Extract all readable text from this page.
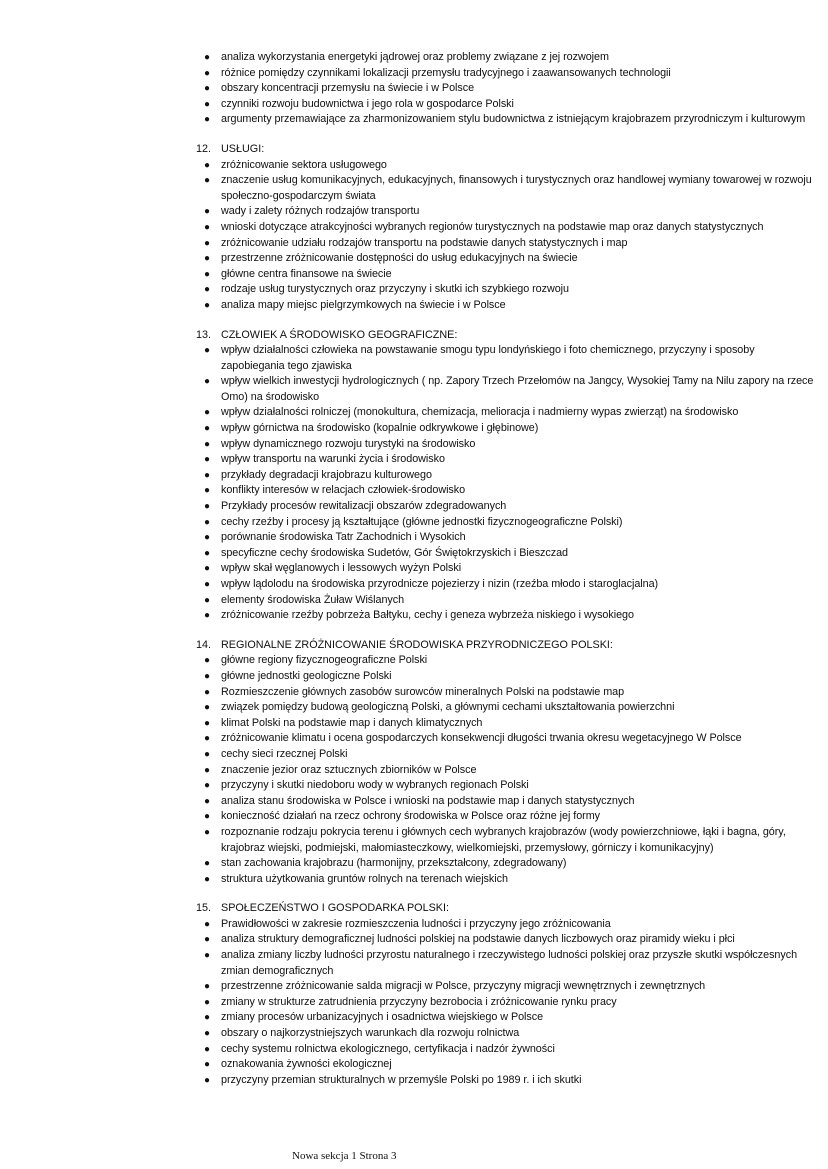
● analiza wykorzystania energetyki jądrowej oraz problemy związane z jej rozwojem
● różnice pomiędzy czynnikami lokalizacji przemysłu tradycyjnego i zaawansowanych technologii
● obszary koncentracji przemysłu na świecie i w Polsce
● czynniki rozwoju budownictwa i jego rola w gospodarce Polski
● argumenty przemawiające za zharmonizowaniem stylu budownictwa z istniejącym krajobrazem przyrodniczym i kulturowym
12. USŁUGI:
● zróżnicowanie sektora usługowego
● znaczenie usług komunikacyjnych, edukacyjnych, finansowych i turystycznych oraz handlowej wymiany towarowej w rozwoju społeczno-gospodarczym świata
● wady i zalety różnych rodzajów transportu
● wnioski dotyczące atrakcyjności wybranych regionów turystycznych na podstawie map oraz danych statystycznych
● zróżnicowanie udziału rodzajów transportu na podstawie danych statystycznych i map
● przestrzenne zróżnicowanie dostępności do usług edukacyjnych na świecie
● główne centra finansowe na świecie
● rodzaje usług turystycznych oraz przyczyny i skutki ich szybkiego rozwoju
● analiza mapy miejsc pielgrzymkowych na świecie i w Polsce
13. CZŁOWIEK A ŚRODOWISKO GEOGRAFICZNE:
● wpływ działalności człowieka na powstawanie smogu typu londyńskiego i foto chemicznego, przyczyny i sposoby zapobiegania tego zjawiska
● wpływ wielkich inwestycji hydrologicznych ( np. Zapory Trzech Przełomów na Jangcy, Wysokiej Tamy na Nilu zapory na rzece Omo) na środowisko
● wpływ działalności rolniczej (monokultura, chemizacja, melioracja i nadmierny wypas zwierząt) na środowisko
● wpływ górnictwa na środowisko (kopalnie odkrywkowe i głębinowe)
● wpływ dynamicznego rozwoju turystyki na środowisko
● wpływ transportu na warunki życia i środowisko
● przykłady degradacji krajobrazu kulturowego
● konflikty interesów w relacjach człowiek-środowisko
● Przykłady procesów rewitalizacji obszarów zdegradowanych
● cechy rzeźby i procesy ją kształtujące (główne jednostki fizycznogeograficzne Polski)
● porównanie środowiska Tatr Zachodnich i Wysokich
● specyficzne cechy środowiska Sudetów, Gór Świętokrzyskich i Bieszczad
● wpływ skał węglanowych i lessowych wyżyn Polski
● wpływ lądolodu na środowiska przyrodnicze pojezierzy i nizin (rzeźba młodo i staroglacjalna)
● elementy środowiska Żuław Wiślanych
● zróżnicowanie rzeźby pobrzeża Bałtyku, cechy i geneza wybrzeża niskiego i wysokiego
14. REGIONALNE ZRÓŻNICOWANIE ŚRODOWISKA PRZYRODNICZEGO POLSKI:
● główne regiony fizycznogeograficzne Polski
● główne jednostki geologiczne Polski
● Rozmieszczenie głównych zasobów surowców mineralnych Polski na podstawie map
● związek pomiędzy budową geologiczną Polski, a głównymi cechami ukształtowania powierzchni
● klimat Polski na podstawie map i danych klimatycznych
● zróżnicowanie klimatu i ocena gospodarczych konsekwencji długości trwania okresu wegetacyjnego W Polsce
● cechy sieci rzecznej Polski
● znaczenie jezior oraz sztucznych zbiorników w Polsce
● przyczyny i skutki niedoboru wody w wybranych regionach Polski
● analiza stanu środowiska w Polsce i wnioski na podstawie map i danych statystycznych
● konieczność działań na rzecz ochrony środowiska w Polsce oraz różne jej formy
● rozpoznanie rodzaju pokrycia terenu i głównych cech wybranych krajobrazów (wody powierzchniowe, łąki i bagna, góry, krajobraz wiejski, podmiejski, małomiasteczkowy, wielkomiejski, przemysłowy, górniczy i komunikacyjny)
● stan zachowania krajobrazu (harmonijny, przekształcony, zdegradowany)
● struktura użytkowania gruntów rolnych na terenach wiejskich
15. SPOŁECZEŃSTWO I GOSPODARKA POLSKI:
● Prawidłowości w zakresie rozmieszczenia ludności i przyczyny jego zróżnicowania
● analiza struktury demograficznej ludności polskiej na podstawie danych liczbowych oraz piramidy wieku i płci
● analiza zmiany liczby ludności przyrostu naturalnego i rzeczywistego ludności polskiej oraz przyszłe skutki współczesnych zmian demograficznych
● przestrzenne zróżnicowanie salda migracji w Polsce, przyczyny migracji wewnętrznych i zewnętrznych
● zmiany w strukturze zatrudnienia przyczyny bezrobocia i zróżnicowanie rynku pracy
● zmiany procesów urbanizacyjnych i osadnictwa wiejskiego w Polsce
● obszary o najkorzystniejszych warunkach dla rozwoju rolnictwa
● cechy systemu rolnictwa ekologicznego, certyfikacja i nadzór żywności
● oznakowania żywności ekologicznej
● przyczyny przemian strukturalnych w przemyśle Polski po 1989 r. i ich skutki
Nowa sekcja 1 Strona 3
